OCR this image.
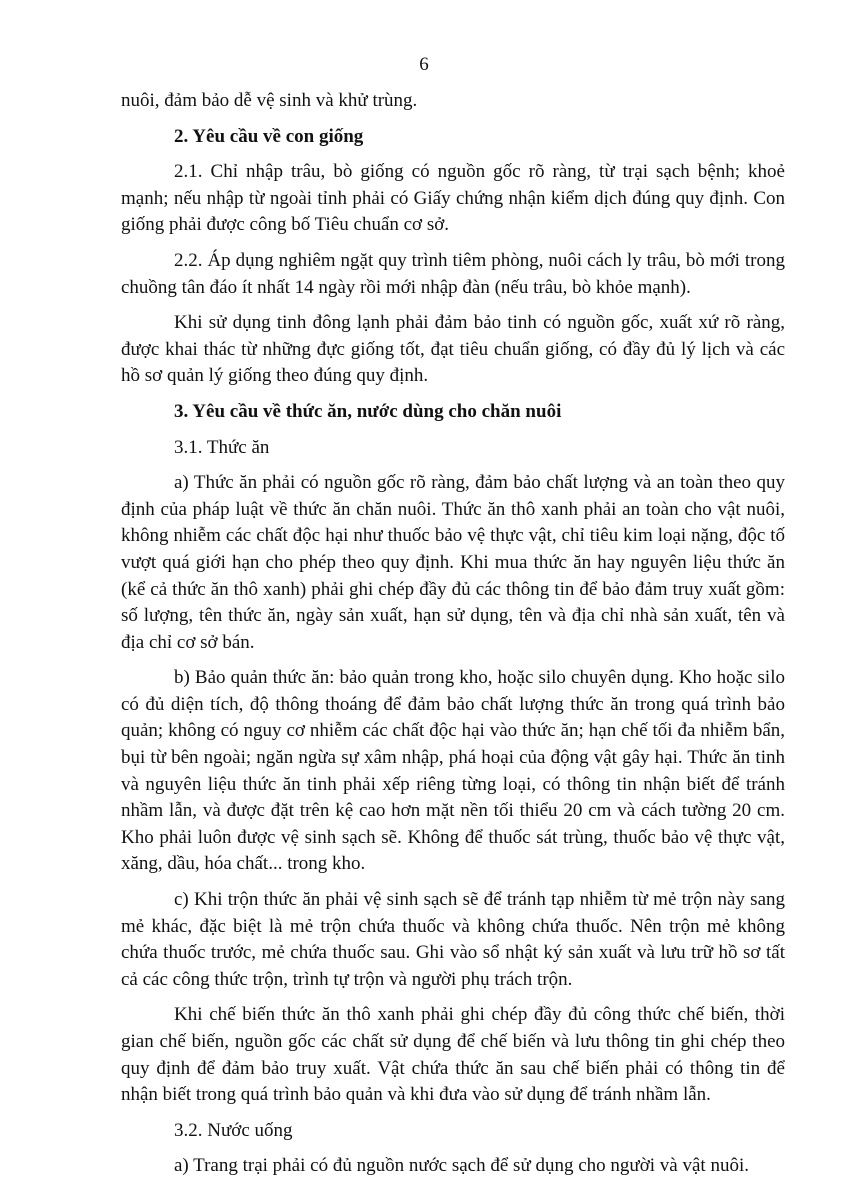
6

nuôi, đảm bảo dễ vệ sinh và khử trùng.

2. Yêu cầu về con giống

2.1. Chỉ nhập trâu, bò giống có nguồn gốc rõ ràng, từ trại sạch bệnh; khoẻ mạnh; nếu nhập từ ngoài tỉnh phải có Giấy chứng nhận kiểm dịch đúng quy định. Con giống phải được công bố Tiêu chuẩn cơ sở.

2.2. Áp dụng nghiêm ngặt quy trình tiêm phòng, nuôi cách ly trâu, bò mới trong chuồng tân đáo ít nhất 14 ngày rồi mới nhập đàn (nếu trâu, bò khỏe mạnh).

Khi sử dụng tinh đông lạnh phải đảm bảo tinh có nguồn gốc, xuất xứ rõ ràng, được khai thác từ những đực giống tốt, đạt tiêu chuẩn giống, có đầy đủ lý lịch và các hồ sơ quản lý giống theo đúng quy định.

3. Yêu cầu về thức ăn, nước dùng cho chăn nuôi

3.1. Thức ăn

a) Thức ăn phải có nguồn gốc rõ ràng, đảm bảo chất lượng và an toàn theo quy định của pháp luật về thức ăn chăn nuôi. Thức ăn thô xanh phải an toàn cho vật nuôi, không nhiễm các chất độc hại như thuốc bảo vệ thực vật, chỉ tiêu kim loại nặng, độc tố vượt quá giới hạn cho phép theo quy định. Khi mua thức ăn hay nguyên liệu thức ăn (kể cả thức ăn thô xanh) phải ghi chép đầy đủ các thông tin để bảo đảm truy xuất gồm: số lượng, tên thức ăn, ngày sản xuất, hạn sử dụng, tên và địa chỉ nhà sản xuất, tên và địa chỉ cơ sở bán.

b) Bảo quản thức ăn: bảo quản trong kho, hoặc silo chuyên dụng. Kho hoặc silo có đủ diện tích, độ thông thoáng để đảm bảo chất lượng thức ăn trong quá trình bảo quản; không có nguy cơ nhiễm các chất độc hại vào thức ăn; hạn chế tối đa nhiễm bẩn, bụi từ bên ngoài; ngăn ngừa sự xâm nhập, phá hoại của động vật gây hại. Thức ăn tinh và nguyên liệu thức ăn tinh phải xếp riêng từng loại, có thông tin nhận biết để tránh nhầm lẫn, và được đặt trên kệ cao hơn mặt nền tối thiểu 20 cm và cách tường 20 cm. Kho phải luôn được vệ sinh sạch sẽ. Không để thuốc sát trùng, thuốc bảo vệ thực vật, xăng, dầu, hóa chất... trong kho.

c) Khi trộn thức ăn phải vệ sinh sạch sẽ để tránh tạp nhiễm từ mẻ trộn này sang mẻ khác, đặc biệt là mẻ trộn chứa thuốc và không chứa thuốc. Nên trộn mẻ không chứa thuốc trước, mẻ chứa thuốc sau. Ghi vào sổ nhật ký sản xuất và lưu trữ hồ sơ tất cả các công thức trộn, trình tự trộn và người phụ trách trộn.

Khi chế biến thức ăn thô xanh phải ghi chép đầy đủ công thức chế biến, thời gian chế biến, nguồn gốc các chất sử dụng để chế biến và lưu thông tin ghi chép theo quy định để đảm bảo truy xuất. Vật chứa thức ăn sau chế biến phải có thông tin để nhận biết trong quá trình bảo quản và khi đưa vào sử dụng để tránh nhầm lẫn.

3.2. Nước uống

a) Trang trại phải có đủ nguồn nước sạch để sử dụng cho người và vật nuôi.
